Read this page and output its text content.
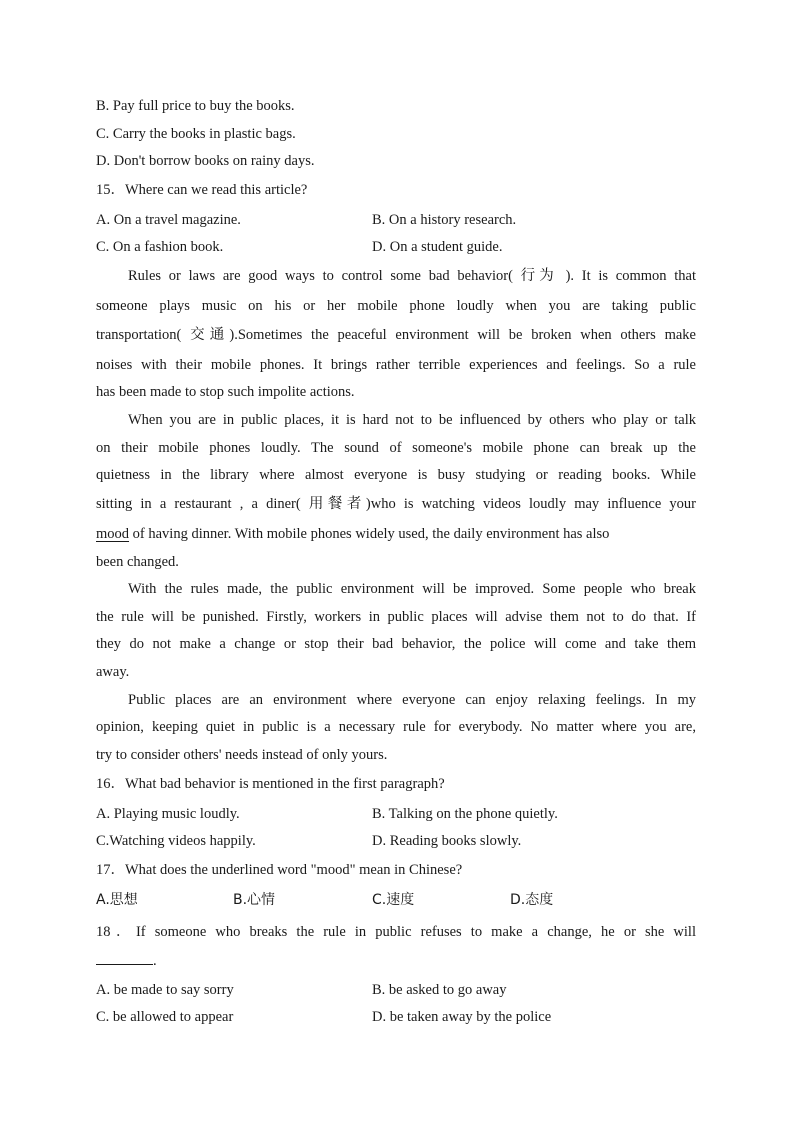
B. Pay full price to buy the books.
C. Carry the books in plastic bags.
D. Don't borrow books on rainy days.
15．Where can we read this article?
A. On a travel magazine.	B. On a history research.
C. On a fashion book.	D. On a student guide.
Rules or laws are good ways to control some bad behavior( 行为 ). It is common that
someone plays music on his or her mobile phone loudly when you are taking public
transportation( 交通).Sometimes the peaceful environment will be broken when others make
noises with their mobile phones. It brings rather terrible experiences and feelings. So a rule
has been made to stop such impolite actions.
When you are in public places, it is hard not to be influenced by others who play or talk
on their mobile phones loudly. The sound of someone's mobile phone can break up the
quietness in the library where almost everyone is busy studying or reading books. While
sitting in a restaurant , a diner( 用餐者)who is watching videos loudly may influence your
mood of having dinner. With mobile phones widely used, the daily environment has also
been changed.
With the rules made, the public environment will be improved. Some people who break
the rule will be punished. Firstly, workers in public places will advise them not to do that. If
they do not make a change or stop their bad behavior, the police will come and take them
away.
Public places are an environment where everyone can enjoy relaxing feelings. In my
opinion, keeping quiet in public is a necessary rule for everybody. No matter where you are,
try to consider others' needs instead of only yours.
16．What bad behavior is mentioned in the first paragraph?
A. Playing music loudly.	B. Talking on the phone quietly.
C.Watching videos happily.	D. Reading books slowly.
17．What does the underlined word "mood" mean in Chinese?
A.思想	B.心情	C.速度	D.态度
18．If someone who breaks the rule in public refuses to make a change, he or she will
.
A. be made to say sorry	B. be asked to go away
C. be allowed to appear	D. be taken away by the police
